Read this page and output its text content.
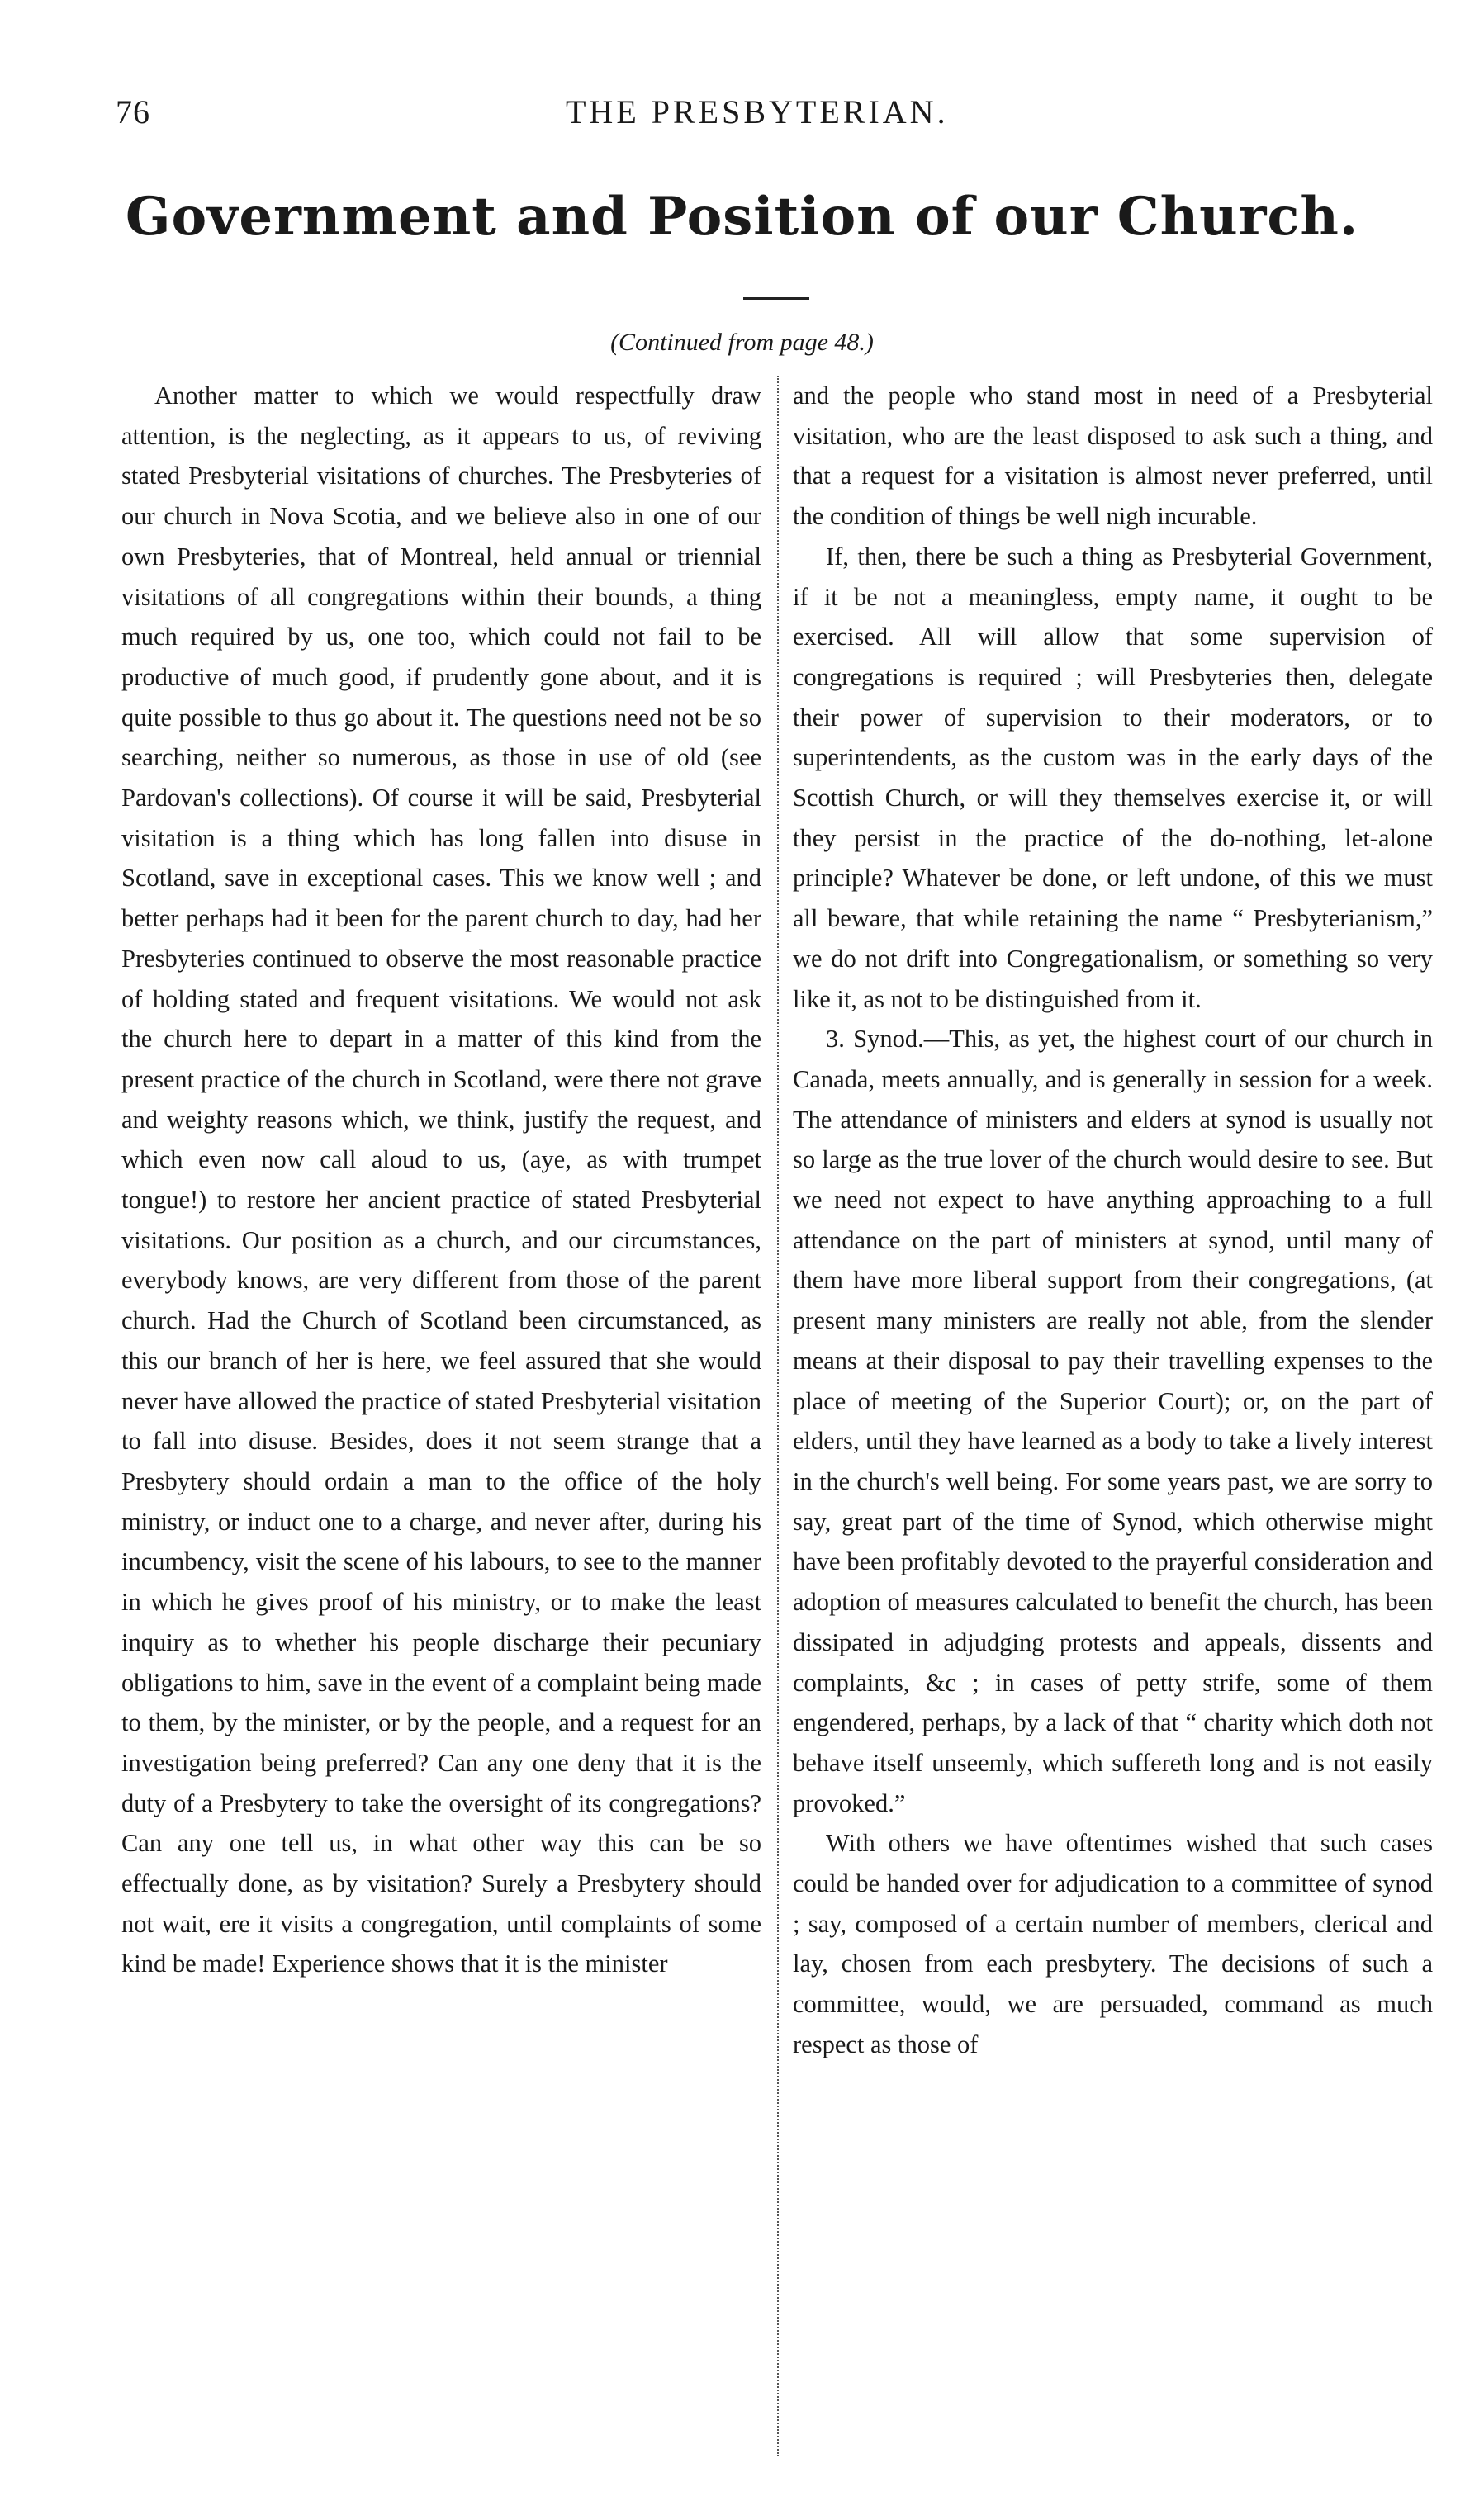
76	THE PRESBYTERIAN.
Government and Position of our Church.
(Continued from page 48.)

Another matter to which we would respectfully draw attention, is the neglecting, as it appears to us, of reviving stated Presbyterial visitations of churches. The Presbyteries of our church in Nova Scotia, and we believe also in one of our own Presbyteries, that of Montreal, held annual or triennial visitations of all congregations within their bounds, a thing much required by us, one too, which could not fail to be productive of much good, if prudently gone about, and it is quite possible to thus go about it. The questions need not be so searching, neither so numerous, as those in use of old (see Pardovan's collections). Of course it will be said, Presbyterial visitation is a thing which has long fallen into disuse in Scotland, save in exceptional cases. This we know well ; and better perhaps had it been for the parent church to day, had her Presbyteries continued to observe the most reasonable practice of holding stated and frequent visitations. We would not ask the church here to depart in a matter of this kind from the present practice of the church in Scotland, were there not grave and weighty reasons which, we think, justify the request, and which even now call aloud to us, (aye, as with trumpet tongue!) to restore her ancient practice of stated Presbyterial visitations. Our position as a church, and our circumstances, everybody knows, are very different from those of the parent church. Had the Church of Scotland been circumstanced, as this our branch of her is here, we feel assured that she would never have allowed the practice of stated Presbyterial visitation to fall into disuse. Besides, does it not seem strange that a Presbytery should ordain a man to the office of the holy ministry, or induct one to a charge, and never after, during his incumbency, visit the scene of his labours, to see to the manner in which he gives proof of his ministry, or to make the least inquiry as to whether his people discharge their pecuniary obligations to him, save in the event of a complaint being made to them, by the minister, or by the people, and a request for an investigation being preferred? Can any one deny that it is the duty of a Presbytery to take the oversight of its congregations? Can any one tell us, in what other way this can be so effectually done, as by visitation? Surely a Presbytery should not wait, ere it visits a congregation, until complaints of some kind be made! Experience shows that it is the minister

and the people who stand most in need of a Presbyterial visitation, who are the least disposed to ask such a thing, and that a request for a visitation is almost never preferred, until the condition of things be well nigh incurable.

If, then, there be such a thing as Presbyterial Government, if it be not a meaningless, empty name, it ought to be exercised. All will allow that some supervision of congregations is required ; will Presbyteries then, delegate their power of supervision to their moderators, or to superintendents, as the custom was in the early days of the Scottish Church, or will they themselves exercise it, or will they persist in the practice of the do-nothing, let-alone principle? Whatever be done, or left undone, of this we must all beware, that while retaining the name “ Presbyterianism,” we do not drift into Congregationalism, or something so very like it, as not to be distinguished from it.

3. Synod.—This, as yet, the highest court of our church in Canada, meets annually, and is generally in session for a week. The attendance of ministers and elders at synod is usually not so large as the true lover of the church would desire to see. But we need not expect to have anything approaching to a full attendance on the part of ministers at synod, until many of them have more liberal support from their congregations, (at present many ministers are really not able, from the slender means at their disposal to pay their travelling expenses to the place of meeting of the Superior Court); or, on the part of elders, until they have learned as a body to take a lively interest in the church's well being. For some years past, we are sorry to say, great part of the time of Synod, which otherwise might have been profitably devoted to the prayerful consideration and adoption of measures calculated to benefit the church, has been dissipated in adjudging protests and appeals, dissents and complaints, &c ; in cases of petty strife, some of them engendered, perhaps, by a lack of that “ charity which doth not behave itself unseemly, which suffereth long and is not easily provoked.”

With others we have oftentimes wished that such cases could be handed over for adjudication to a committee of synod ; say, composed of a certain number of members, clerical and lay, chosen from each presbytery. The decisions of such a committee, would, we are persuaded, command as much respect as those of
